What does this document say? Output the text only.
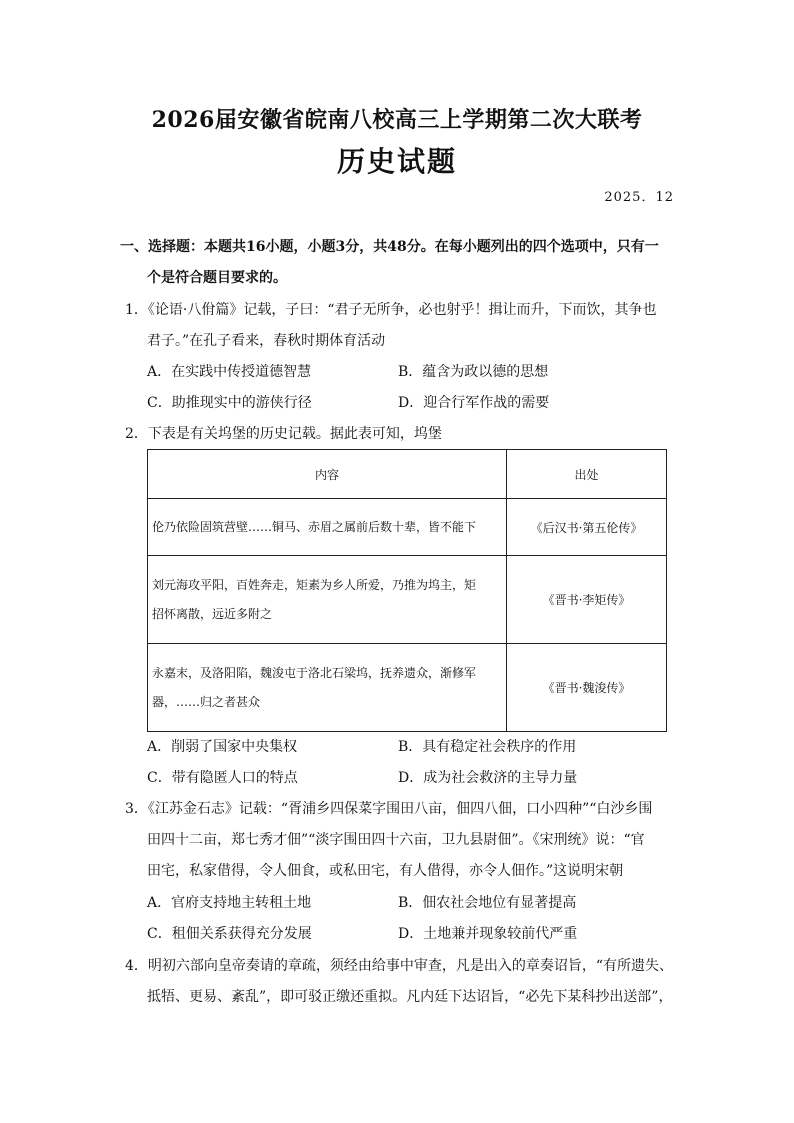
2026届安徽省皖南八校高三上学期第二次大联考
历史试题
2025．12
一、选择题：本题共16小题，小题3分，共48分。在每小题列出的四个选项中，只有一
个是符合题目要求的。
1．《论语·八佾篇》记载，子曰：“君子无所争，必也射乎！揖让而升，下而饮，其争也
君子。”在孔子看来，春秋时期体育活动
A．在实践中传授道德智慧	B．蕴含为政以德的思想
C．助推现实中的游侠行径	D．迎合行军作战的需要
2．下表是有关坞堡的历史记载。据此表可知，坞堡
内容	出处
伦乃依险固筑营壁……铜马、赤眉之属前后数十辈，皆不能下	《后汉书·第五伦传》

刘元海攻平阳，百姓奔走，矩素为乡人所爱，乃推为坞主，矩
招怀离散，远近多附之	《晋书·李矩传》

永嘉末，及洛阳陷，魏浚屯于洛北石梁坞，抚养遗众，渐修军
器，……归之者甚众	《晋书·魏浚传》
A．削弱了国家中央集权	B．具有稳定社会秩序的作用
C．带有隐匿人口的特点	D．成为社会救济的主导力量
3．《江苏金石志》记载：“胥浦乡四保菜字围田八亩，佃四八佃，口小四种”“白沙乡围
田四十二亩，郑七秀才佃”“淡字围田四十六亩，卫九县尉佃”。《宋刑统》说：“官
田宅，私家借得，令人佃食，或私田宅，有人借得，亦令人佃作。”这说明宋朝
A．官府支持地主转租土地	B．佃农社会地位有显著提高
C．租佃关系获得充分发展	D．土地兼并现象较前代严重
4．明初六部向皇帝奏请的章疏，须经由给事中审查，凡是出入的章奏诏旨，“有所遗失、
抵牾、更易、紊乱”，即可驳正缴还重拟。凡内廷下达诏旨，“必先下某科抄出送部”，
